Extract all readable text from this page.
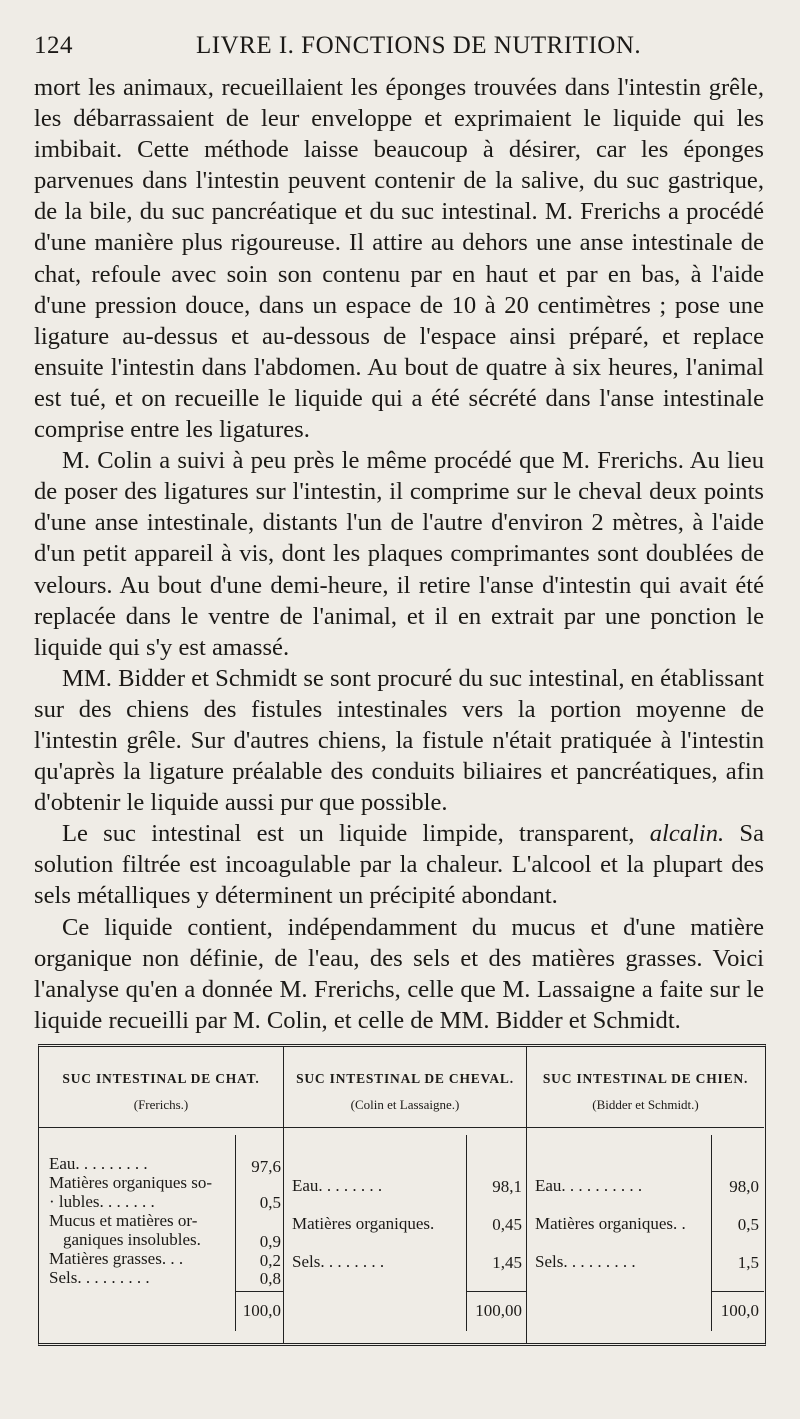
124	LIVRE I. FONCTIONS DE NUTRITION.

mort les animaux, recueillaient les éponges trouvées dans l'intestin grêle, les débarrassaient de leur enveloppe et exprimaient le liquide qui les imbibait. Cette méthode laisse beaucoup à désirer, car les éponges parvenues dans l'intestin peuvent contenir de la salive, du suc gastrique, de la bile, du suc pancréatique et du suc intestinal. M. Frerichs a procédé d'une manière plus rigoureuse. Il attire au dehors une anse intestinale de chat, refoule avec soin son contenu par en haut et par en bas, à l'aide d'une pression douce, dans un espace de 10 à 20 centimètres ; pose une ligature au-dessus et au-dessous de l'espace ainsi préparé, et replace ensuite l'intestin dans l'abdomen. Au bout de quatre à six heures, l'animal est tué, et on recueille le liquide qui a été sécrété dans l'anse intestinale comprise entre les ligatures.

M. Colin a suivi à peu près le même procédé que M. Frerichs. Au lieu de poser des ligatures sur l'intestin, il comprime sur le cheval deux points d'une anse intestinale, distants l'un de l'autre d'environ 2 mètres, à l'aide d'un petit appareil à vis, dont les plaques comprimantes sont doublées de velours. Au bout d'une demi-heure, il retire l'anse d'intestin qui avait été replacée dans le ventre de l'animal, et il en extrait par une ponction le liquide qui s'y est amassé.

MM. Bidder et Schmidt se sont procuré du suc intestinal, en établissant sur des chiens des fistules intestinales vers la portion moyenne de l'intestin grêle. Sur d'autres chiens, la fistule n'était pratiquée à l'intestin qu'après la ligature préalable des conduits biliaires et pancréatiques, afin d'obtenir le liquide aussi pur que possible.

Le suc intestinal est un liquide limpide, transparent, alcalin. Sa solution filtrée est incoagulable par la chaleur. L'alcool et la plupart des sels métalliques y déterminent un précipité abondant.

Ce liquide contient, indépendamment du mucus et d'une matière organique non définie, de l'eau, des sels et des matières grasses. Voici l'analyse qu'en a donnée M. Frerichs, celle que M. Lassaigne a faite sur le liquide recueilli par M. Colin, et celle de MM. Bidder et Schmidt.

SUC INTESTINAL DE CHAT.
(Frerichs.)
Eau. . . . . . . . .	97,6
Matières organiques so-
· lubles. . . . . . .	0,5
Mucus et matières or-
ganiques insolubles.	0,9
Matières grasses. . .	0,2
Sels. . . . . . . . .	0,8
100,0
SUC INTESTINAL DE CHEVAL.
(Colin et Lassaigne.)
Eau. . . . . . . .	98,1
Matières organiques.	0,45
Sels. . . . . . . .	1,45
100,00
SUC INTESTINAL DE CHIEN.
(Bidder et Schmidt.)
Eau. . . . . . . . . .	98,0
Matières organiques. .	0,5
Sels. . . . . . . . .	1,5
100,0
